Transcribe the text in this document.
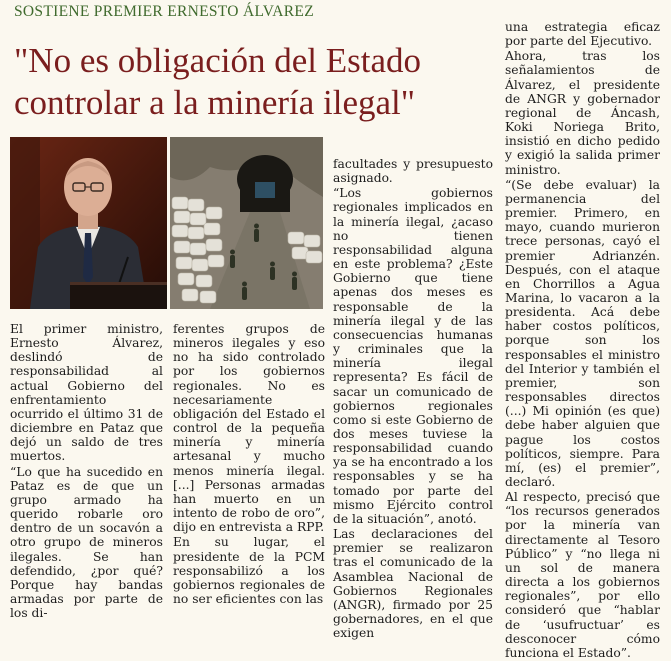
SOSTIENE PREMIER ERNESTO ÁLVAREZ
"No es obligación del Estado controlar a la minería ilegal"

El primer ministro, Ernesto Álvarez, deslindó de responsabilidad al actual Gobierno del enfrentamiento ocurrido el último 31 de diciembre en Pataz que dejó un saldo de tres muertos.

“Lo que ha sucedido en Pataz es de que un grupo armado ha querido robarle oro dentro de un socavón a otro grupo de mineros ilegales. Se han defendido, ¿por qué? Porque hay bandas armadas por parte de los di-

ferentes grupos de mineros ilegales y eso no ha sido controlado por los gobiernos regionales. No es necesariamente obligación del Estado el control de la pequeña minería y minería artesanal y mucho menos minería ilegal. [...] Personas armadas han muerto en un intento de robo de oro”, dijo en entrevista a RPP.

En su lugar, el presidente de la PCM responsabilizó a los gobiernos regionales de no ser eficientes con las

facultades y presupuesto asignado.

“Los gobiernos regionales implicados en la minería ilegal, ¿acaso no tienen responsabilidad alguna en este problema? ¿Este Gobierno que tiene apenas dos meses es responsable de la minería ilegal y de las consecuencias humanas y criminales que la minería ilegal representa? Es fácil de sacar un comunicado de gobiernos regionales como si este Gobierno de dos meses tuviese la responsabilidad cuando ya se ha encontrado a los responsables y se ha tomado por parte del mismo Ejército control de la situación”, anotó.

Las declaraciones del premier se realizaron tras el comunicado de la Asamblea Nacional de Gobiernos Regionales (ANGR), firmado por 25 gobernadores, en el que exigen

una estrategia eficaz por parte del Ejecutivo.

Ahora, tras los señalamientos de Álvarez, el presidente de ANGR y gobernador regional de Áncash, Koki Noriega Brito, insistió en dicho pedido y exigió la salida primer ministro.

“(Se debe evaluar) la permanencia del premier. Primero, en mayo, cuando murieron trece personas, cayó el premier Adrianzén. Después, con el ataque en Chorrillos a Agua Marina, lo vacaron a la presidenta. Acá debe haber costos políticos, porque son los responsables el ministro del Interior y también el premier, son responsables directos (...) Mi opinión (es que) debe haber alguien que pague los costos políticos, siempre. Para mí, (es) el premier”, declaró.

Al respecto, precisó que “los recursos generados por la minería van directamente al Tesoro Público” y “no llega ni un sol de manera directa a los gobiernos regionales”, por ello consideró que “hablar de ‘usufructuar’ es desconocer cómo funciona el Estado”.
